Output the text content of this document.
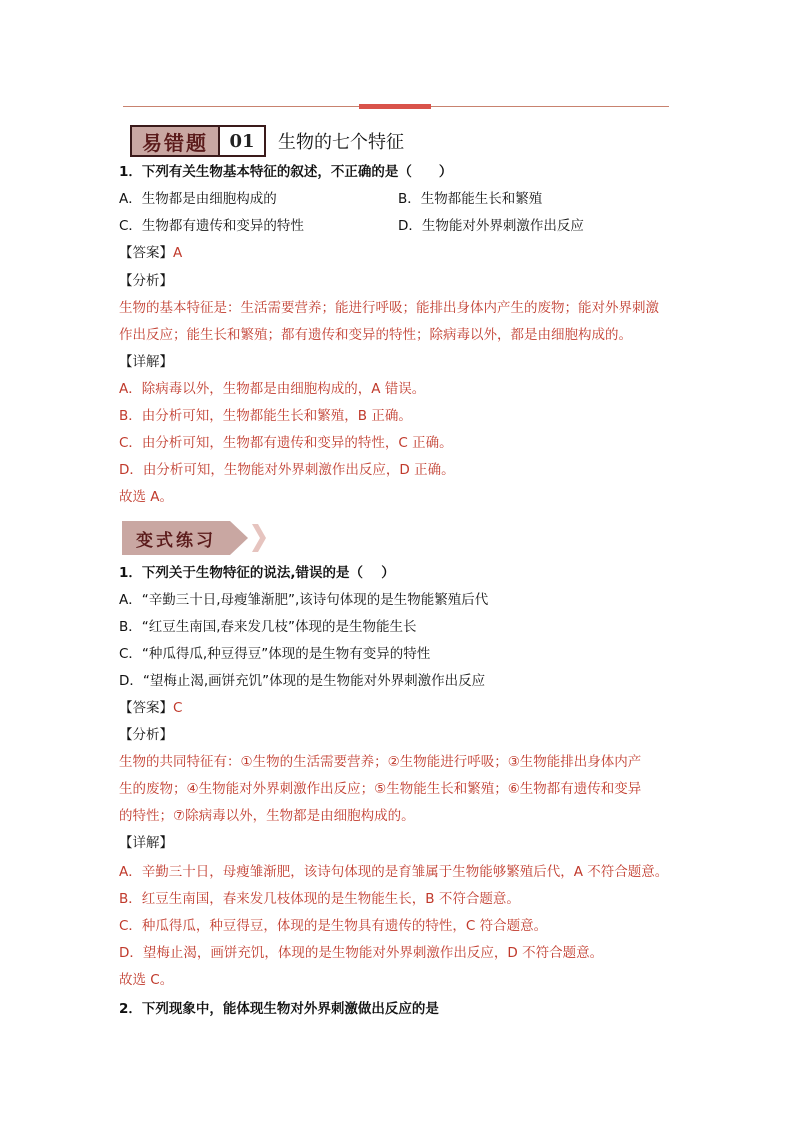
易错题	01	生物的七个特征
1．下列有关生物基本特征的叙述，不正确的是（　　）
A．生物都是由细胞构成的	B．生物都能生长和繁殖
C．生物都有遗传和变异的特性	D．生物能对外界刺激作出反应
【答案】A
【分析】
生物的基本特征是：生活需要营养；能进行呼吸；能排出身体内产生的废物；能对外界刺激
作出反应；能生长和繁殖；都有遗传和变异的特性；除病毒以外，都是由细胞构成的。
【详解】
A．除病毒以外，生物都是由细胞构成的，A 错误。
B．由分析可知，生物都能生长和繁殖，B 正确。
C．由分析可知，生物都有遗传和变异的特性，C 正确。
D．由分析可知，生物能对外界刺激作出反应，D 正确。
故选 A。
变式练习
1．下列关于生物特征的说法,错误的是（　 ）
A．“辛勤三十日,母瘦雏渐肥”,该诗句体现的是生物能繁殖后代
B．“红豆生南国,春来发几枝”体现的是生物能生长
C．“种瓜得瓜,种豆得豆”体现的是生物有变异的特性
D．“望梅止渴,画饼充饥”体现的是生物能对外界刺激作出反应
【答案】C
【分析】
生物的共同特征有：①生物的生活需要营养；②生物能进行呼吸；③生物能排出身体内产
生的废物；④生物能对外界刺激作出反应；⑤生物能生长和繁殖；⑥生物都有遗传和变异
的特性；⑦除病毒以外，生物都是由细胞构成的。
【详解】
A．辛勤三十日，母瘦雏渐肥，该诗句体现的是育雏属于生物能够繁殖后代，A 不符合题意。
B．红豆生南国，春来发几枝体现的是生物能生长，B 不符合题意。
C．种瓜得瓜，种豆得豆，体现的是生物具有遗传的特性，C 符合题意。
D．望梅止渴，画饼充饥，体现的是生物能对外界刺激作出反应，D 不符合题意。
故选 C。
2．下列现象中，能体现生物对外界刺激做出反应的是
